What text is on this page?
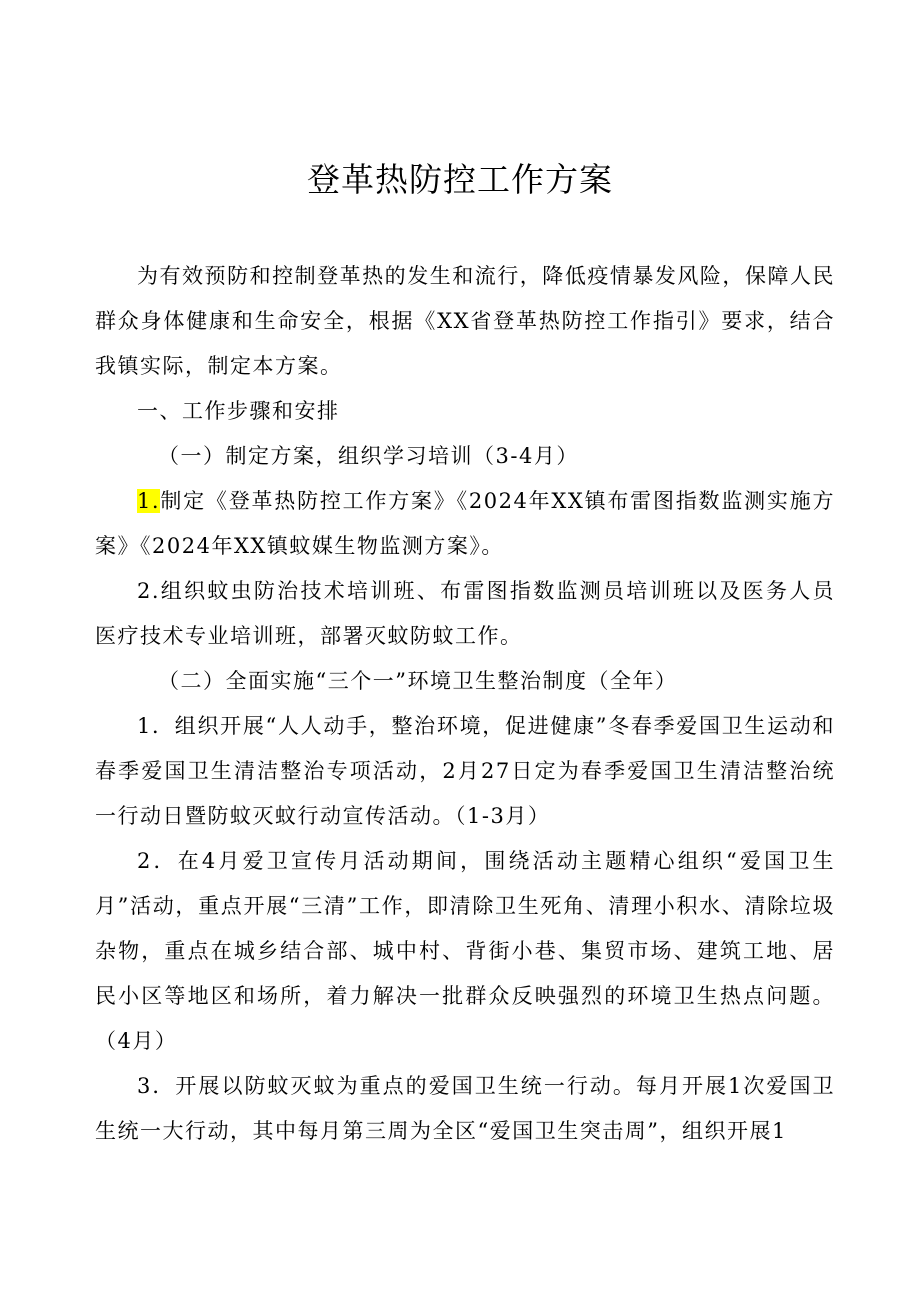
登革热防控工作方案

为有效预防和控制登革热的发生和流行，降低疫情暴发风险，保障人民群众身体健康和生命安全，根据《XX省登革热防控工作指引》要求，结合我镇实际，制定本方案。

一、工作步骤和安排

（一）制定方案，组织学习培训（3-4月）

1.制定《登革热防控工作方案》《2024年XX镇布雷图指数监测实施方案》《2024年XX镇蚊媒生物监测方案》。

2.组织蚊虫防治技术培训班、布雷图指数监测员培训班以及医务人员医疗技术专业培训班，部署灭蚊防蚊工作。

（二）全面实施“三个一”环境卫生整治制度（全年）

1．组织开展“人人动手，整治环境，促进健康”冬春季爱国卫生运动和春季爱国卫生清洁整治专项活动，2月27日定为春季爱国卫生清洁整治统一行动日暨防蚊灭蚊行动宣传活动。（1-3月）

2．在4月爱卫宣传月活动期间，围绕活动主题精心组织“爱国卫生月”活动，重点开展“三清”工作，即清除卫生死角、清理小积水、清除垃圾杂物，重点在城乡结合部、城中村、背街小巷、集贸市场、建筑工地、居民小区等地区和场所，着力解决一批群众反映强烈的环境卫生热点问题。（4月）

3．开展以防蚊灭蚊为重点的爱国卫生统一行动。每月开展1次爱国卫生统一大行动，其中每月第三周为全区“爱国卫生突击周”，组织开展1
